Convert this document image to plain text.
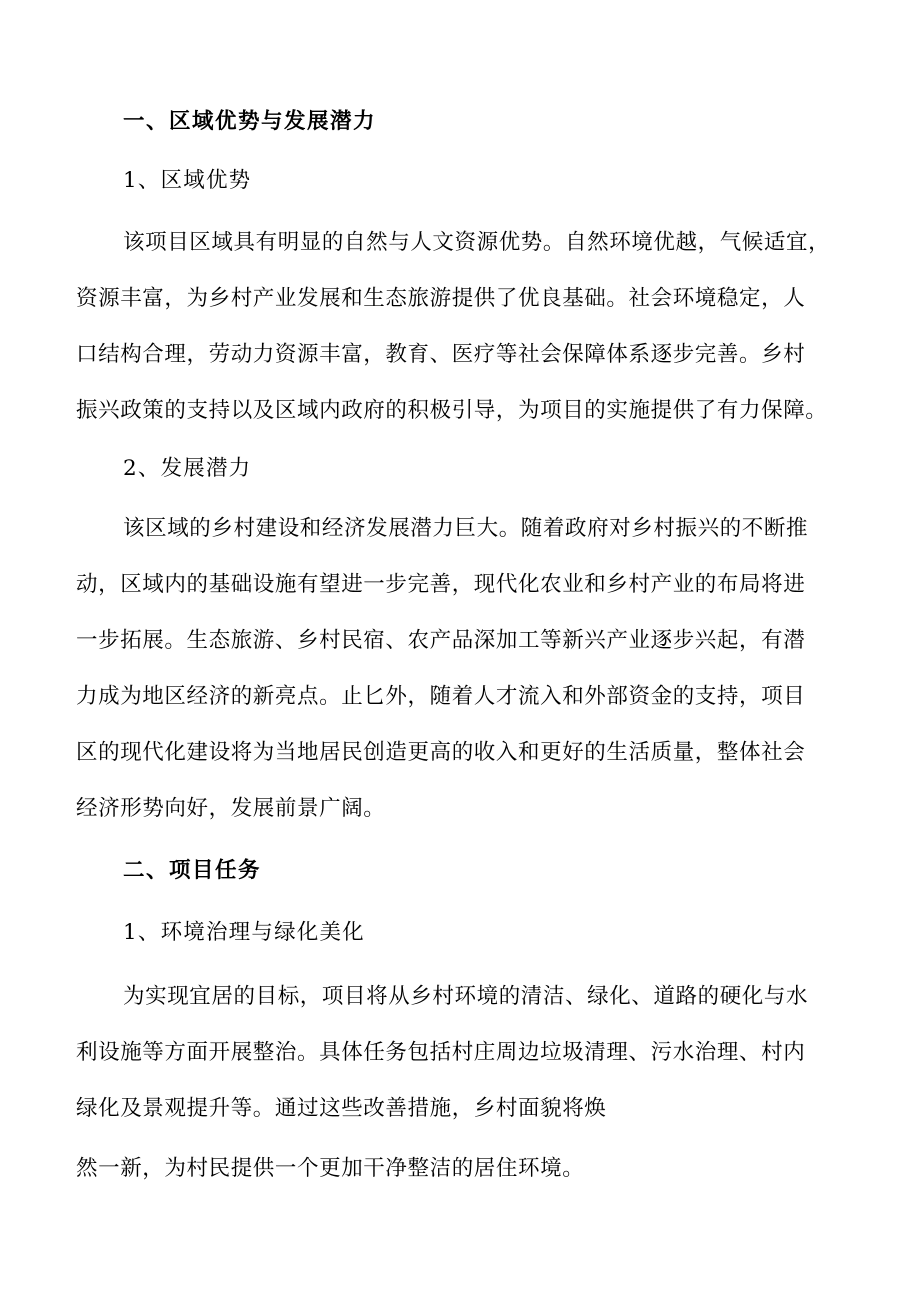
一、区域优势与发展潜力
1、区域优势
该项目区域具有明显的自然与人文资源优势。自然环境优越，气候适宜，
资源丰富，为乡村产业发展和生态旅游提供了优良基础。社会环境稳定，人
口结构合理，劳动力资源丰富，教育、医疗等社会保障体系逐步完善。乡村
振兴政策的支持以及区域内政府的积极引导，为项目的实施提供了有力保障。
2、发展潜力
该区域的乡村建设和经济发展潜力巨大。随着政府对乡村振兴的不断推
动，区域内的基础设施有望进一步完善，现代化农业和乡村产业的布局将进
一步拓展。生态旅游、乡村民宿、农产品深加工等新兴产业逐步兴起，有潜
力成为地区经济的新亮点。止匕外，随着人才流入和外部资金的支持，项目
区的现代化建设将为当地居民创造更高的收入和更好的生活质量，整体社会
经济形势向好，发展前景广阔。
二、项目任务
1、环境治理与绿化美化
为实现宜居的目标，项目将从乡村环境的清洁、绿化、道路的硬化与水
利设施等方面开展整治。具体任务包括村庄周边垃圾清理、污水治理、村内
绿化及景观提升等。通过这些改善措施，乡村面貌将焕
然一新，为村民提供一个更加干净整洁的居住环境。
